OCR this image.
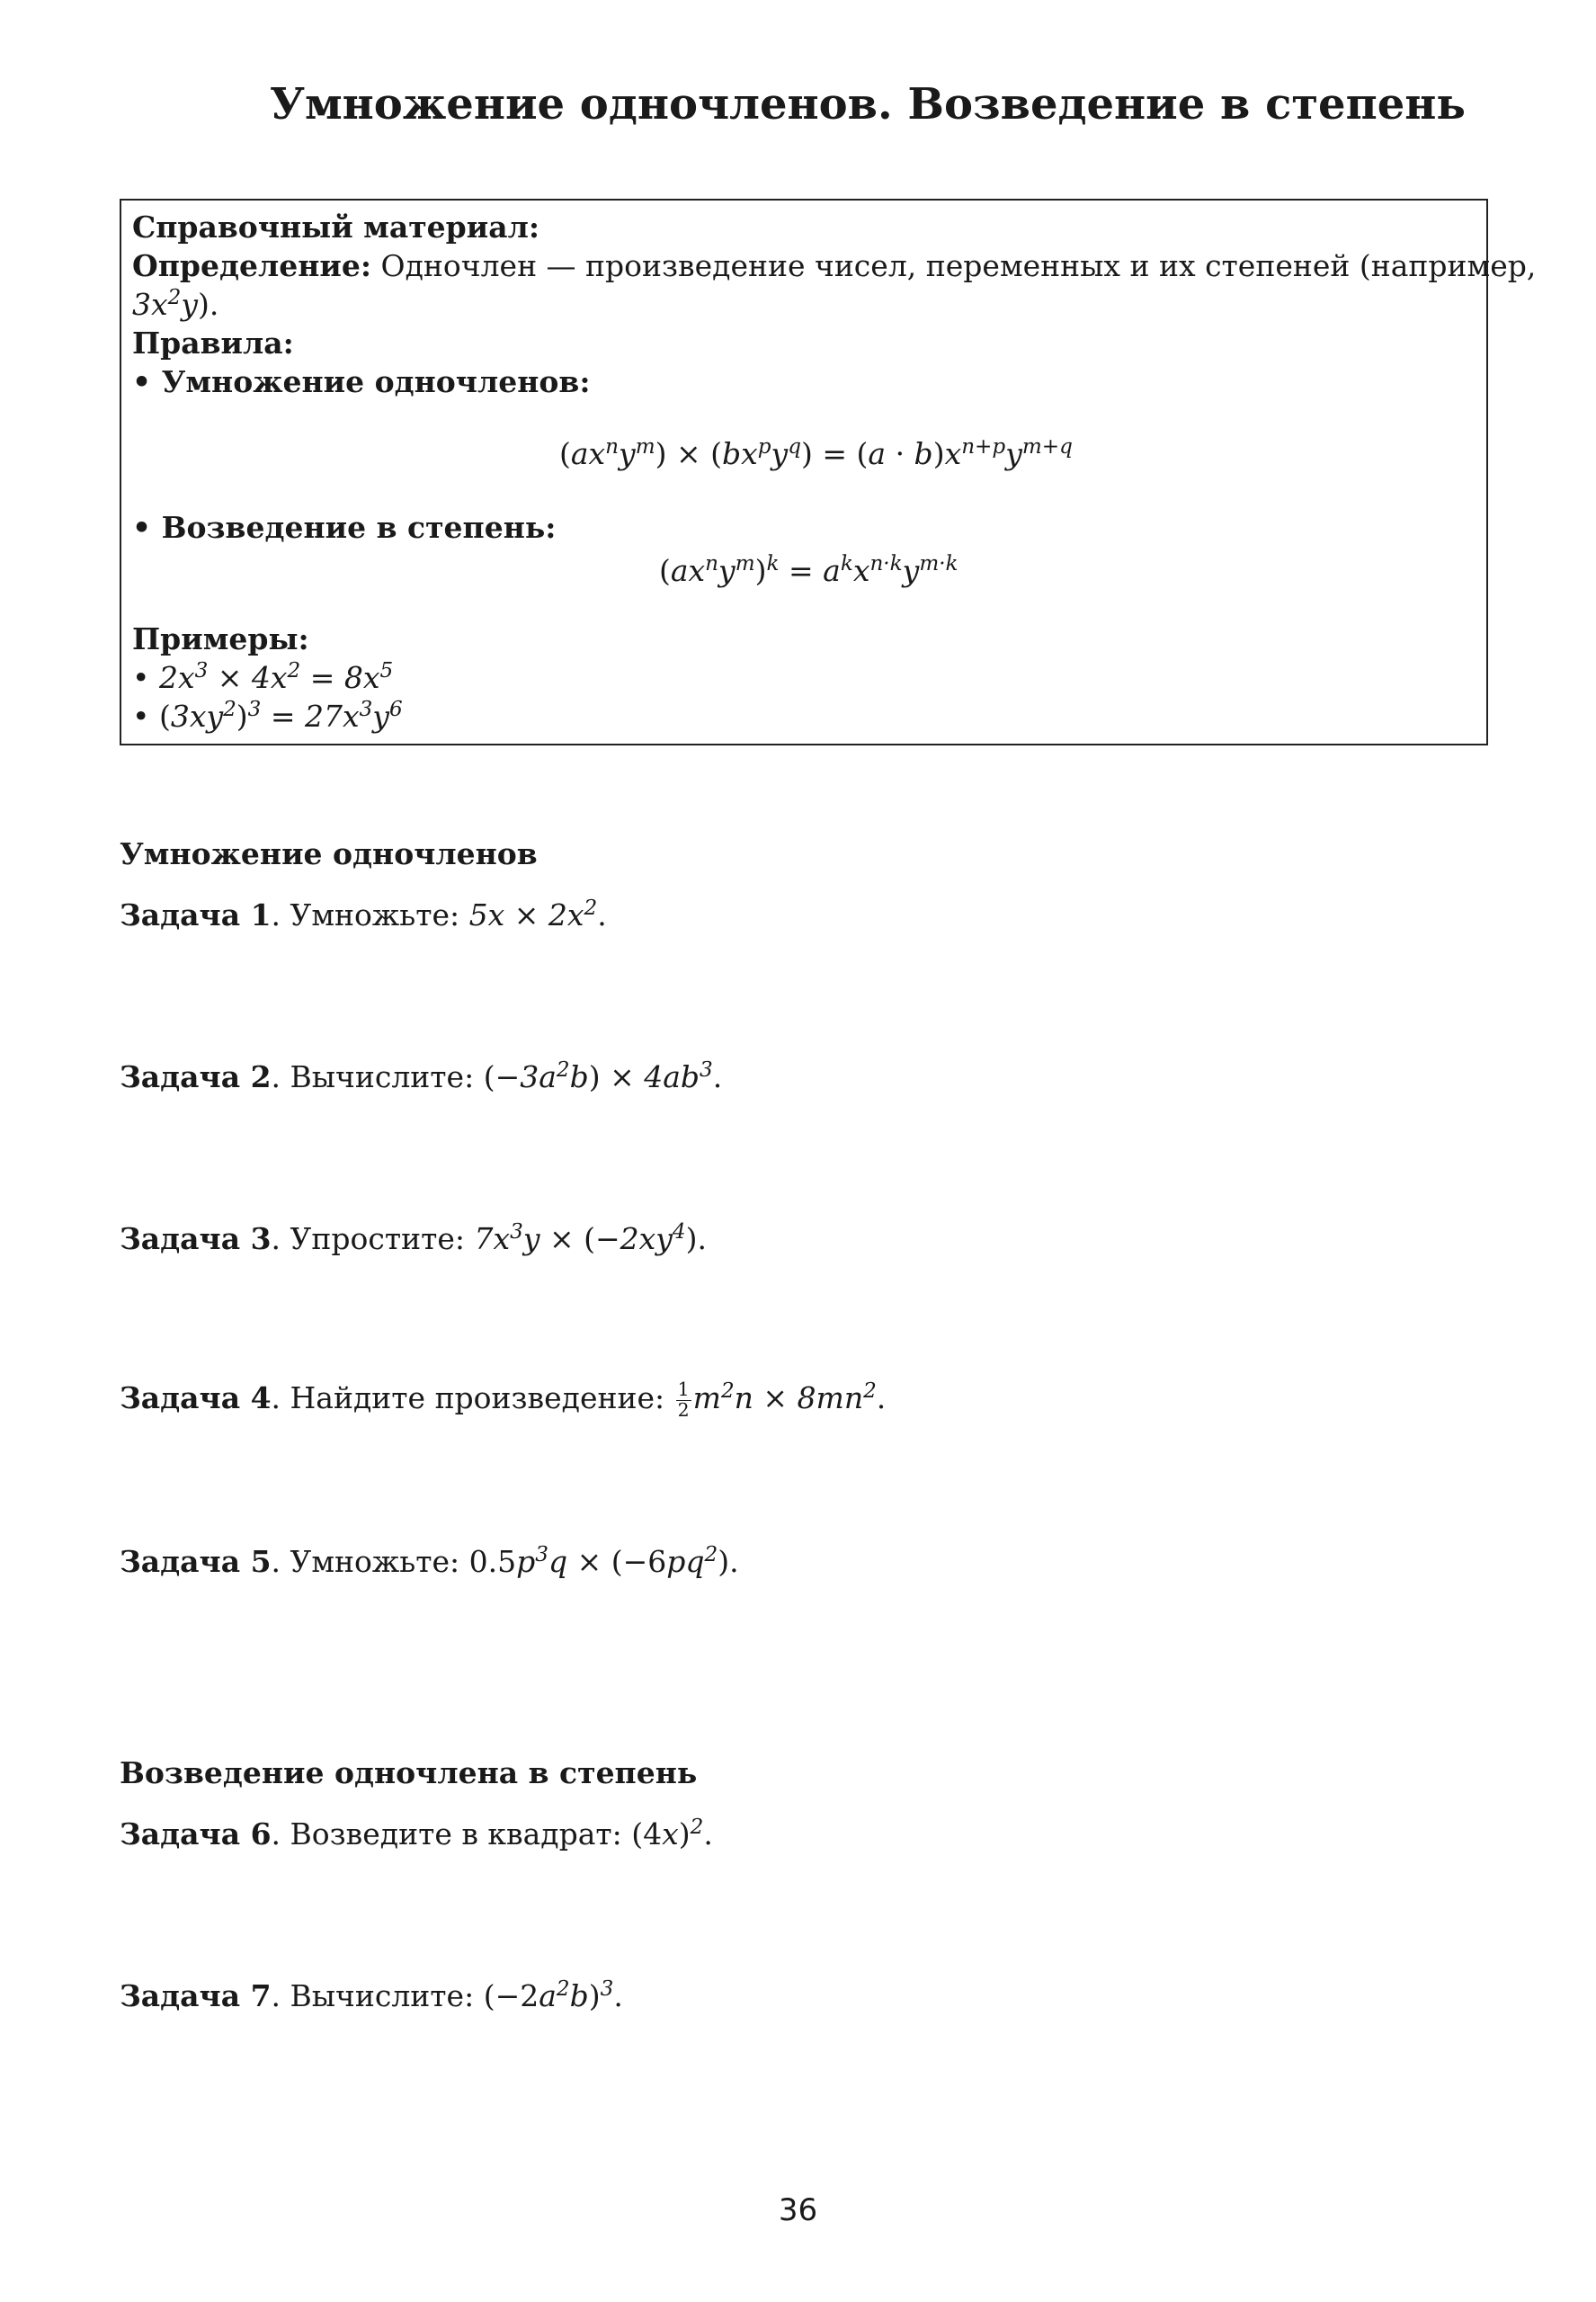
Умножение одночленов. Возведение в степень
Справочный материал:
Определение: Одночлен — произведение чисел, переменных и их степеней (например,
$3x^2y$).
Правила:
• Умножение одночленов:
$(ax^ny^m) \times (bx^py^q) = (a \cdot b)x^{n+p}y^{m+q}$
• Возведение в степень:
$(ax^ny^m)^k = a^kx^{n\cdot k}y^{m\cdot k}$
Примеры:
• $2x^3 \times 4x^2 = 8x^5$
• $(3xy^2)^3 = 27x^3y^6$
Умножение одночленов
Задача 1. Умножьте: $5x \times 2x^2$.
Задача 2. Вычислите: $(-3a^2b) \times 4ab^3$.
Задача 3. Упростите: $7x^3y \times (-2xy^4)$.
Задача 4. Найдите произведение: $\frac{1}{2} m^2n \times 8mn^2$.
Задача 5. Умножьте: $0.5p^3q \times (-6pq^2)$.
Возведение одночлена в степень
Задача 6. Возведите в квадрат: $(4x)^2$.
Задача 7. Вычислите: $(-2a^2b)^3$.
36
